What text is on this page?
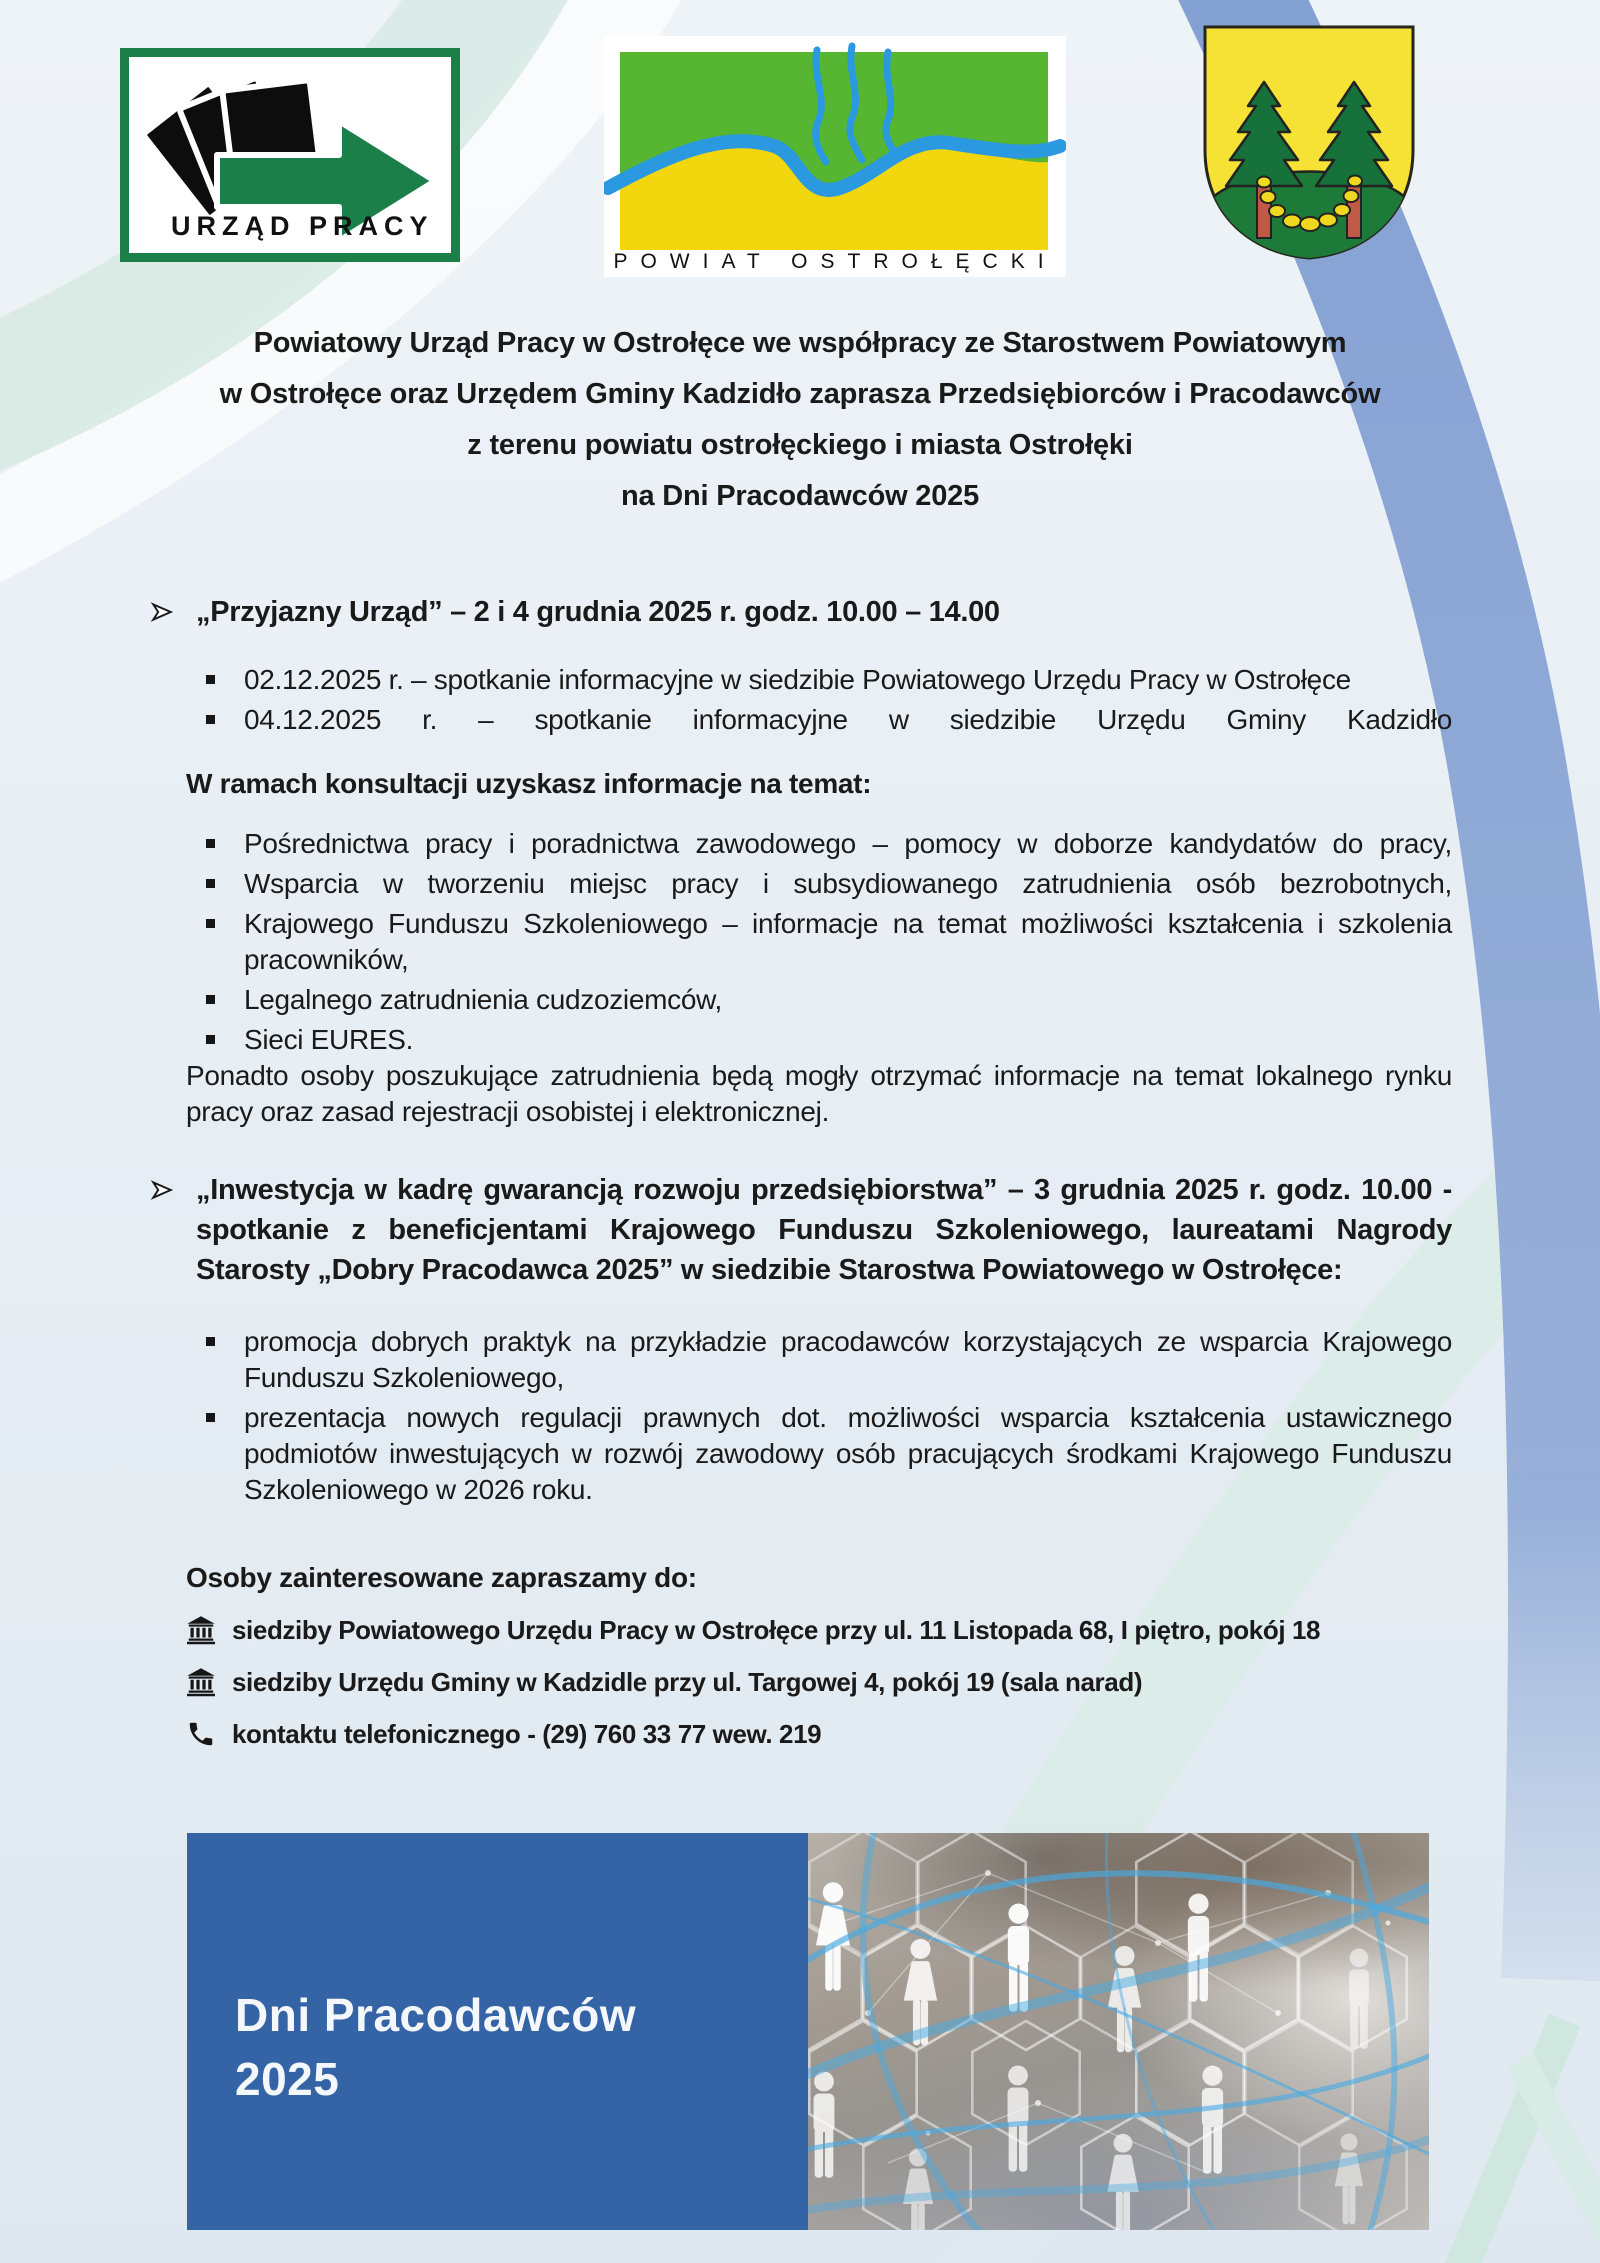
URZĄD PRACY
POWIAT OSTROŁĘCKI
Powiatowy Urząd Pracy w Ostrołęce we współpracy ze Starostwem Powiatowym
w Ostrołęce oraz Urzędem Gminy Kadzidło zaprasza Przedsiębiorców i Pracodawców
z terenu powiatu ostrołęckiego i miasta Ostrołęki
na Dni Pracodawców 2025
„Przyjazny Urząd” – 2 i 4 grudnia 2025 r. godz. 10.00 – 14.00
02.12.2025 r. – spotkanie informacyjne w siedzibie Powiatowego Urzędu Pracy w Ostrołęce
04.12.2025 r. – spotkanie informacyjne w siedzibie Urzędu Gminy Kadzidło
W ramach konsultacji uzyskasz informacje na temat:
Pośrednictwa pracy i poradnictwa zawodowego – pomocy w doborze kandydatów do pracy,
Wsparcia w tworzeniu miejsc pracy i subsydiowanego zatrudnienia osób bezrobotnych,
Krajowego Funduszu Szkoleniowego – informacje na temat możliwości kształcenia i szkolenia pracowników,
Legalnego zatrudnienia cudzoziemców,
Sieci EURES.
Ponadto osoby poszukujące zatrudnienia będą mogły otrzymać informacje na temat lokalnego rynku pracy oraz zasad rejestracji osobistej i elektronicznej.
„Inwestycja w kadrę gwarancją rozwoju przedsiębiorstwa” – 3 grudnia 2025 r. godz. 10.00 - spotkanie z beneficjentami Krajowego Funduszu Szkoleniowego, laureatami Nagrody Starosty „Dobry Pracodawca 2025” w siedzibie Starostwa Powiatowego w Ostrołęce:
promocja dobrych praktyk na przykładzie pracodawców korzystających ze wsparcia Krajowego Funduszu Szkoleniowego,
prezentacja nowych regulacji prawnych dot. możliwości wsparcia kształcenia ustawicznego podmiotów inwestujących w rozwój zawodowy osób pracujących środkami Krajowego Funduszu Szkoleniowego w 2026 roku.
Osoby zainteresowane zapraszamy do:
siedziby Powiatowego Urzędu Pracy w Ostrołęce przy ul. 11 Listopada 68, I piętro, pokój 18
siedziby Urzędu Gminy w Kadzidle przy ul. Targowej 4, pokój 19 (sala narad)
kontaktu telefonicznego - (29) 760 33 77 wew. 219
Dni Pracodawców
2025
